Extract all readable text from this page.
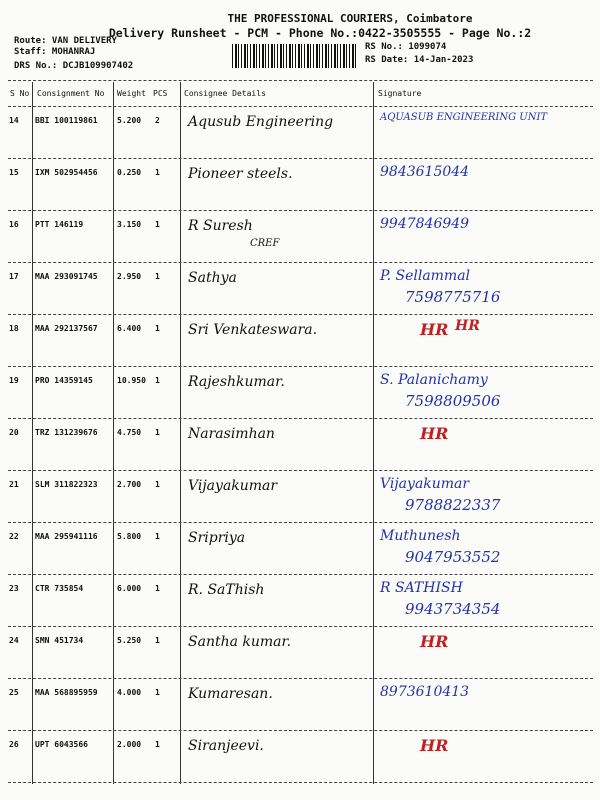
THE PROFESSIONAL COURIERS, Coimbatore
Delivery Runsheet - PCM - Phone No.:0422-3505555 - Page No.:2
Route: VAN DELIVERY
Staff: MOHANRAJ
DRS No.: DCJB109907402
RS No.: 1099074
RS Date: 14-Jan-2023
S No Consignment No Weight PCS Consignee Details	Signature
14 BBI 100119861 5.200 2 Aqusub Engineering	AQUASUB ENGINEERING UNIT
15 IXM 502954456 0.250 1 Pioneer steels.	9843615044
16 PTT 146119	3.150 1 R Suresh
CREF
9947846949
17 MAA 293091745 2.950 1 Sathya	P. Sellammal
7598775716
18 MAA 292137567 6.400 1 Sri Venkateswara.	HR
19 PRO 14359145	10.950 1 Rajeshkumar.	S. Palanichamy
7598809506
20 TRZ 131239676 4.750 1 Narasimhan	HR
21 SLM 311822323 2.700 1 Vijayakumar	Vijayakumar
9788822337
22 MAA 295941116 5.800 1 Sripriya	Muthunesh
9047953552
23 CTR 735854	6.000 1 R. SaThish	R SATHISH
9943734354
24 SMN 451734	5.250 1 Santha kumar.	HR
25 MAA 568895959 4.000 1 Kumaresan.	8973610413
26 UPT 6043566	2.000 1 Siranjeevi.	HR
HR
